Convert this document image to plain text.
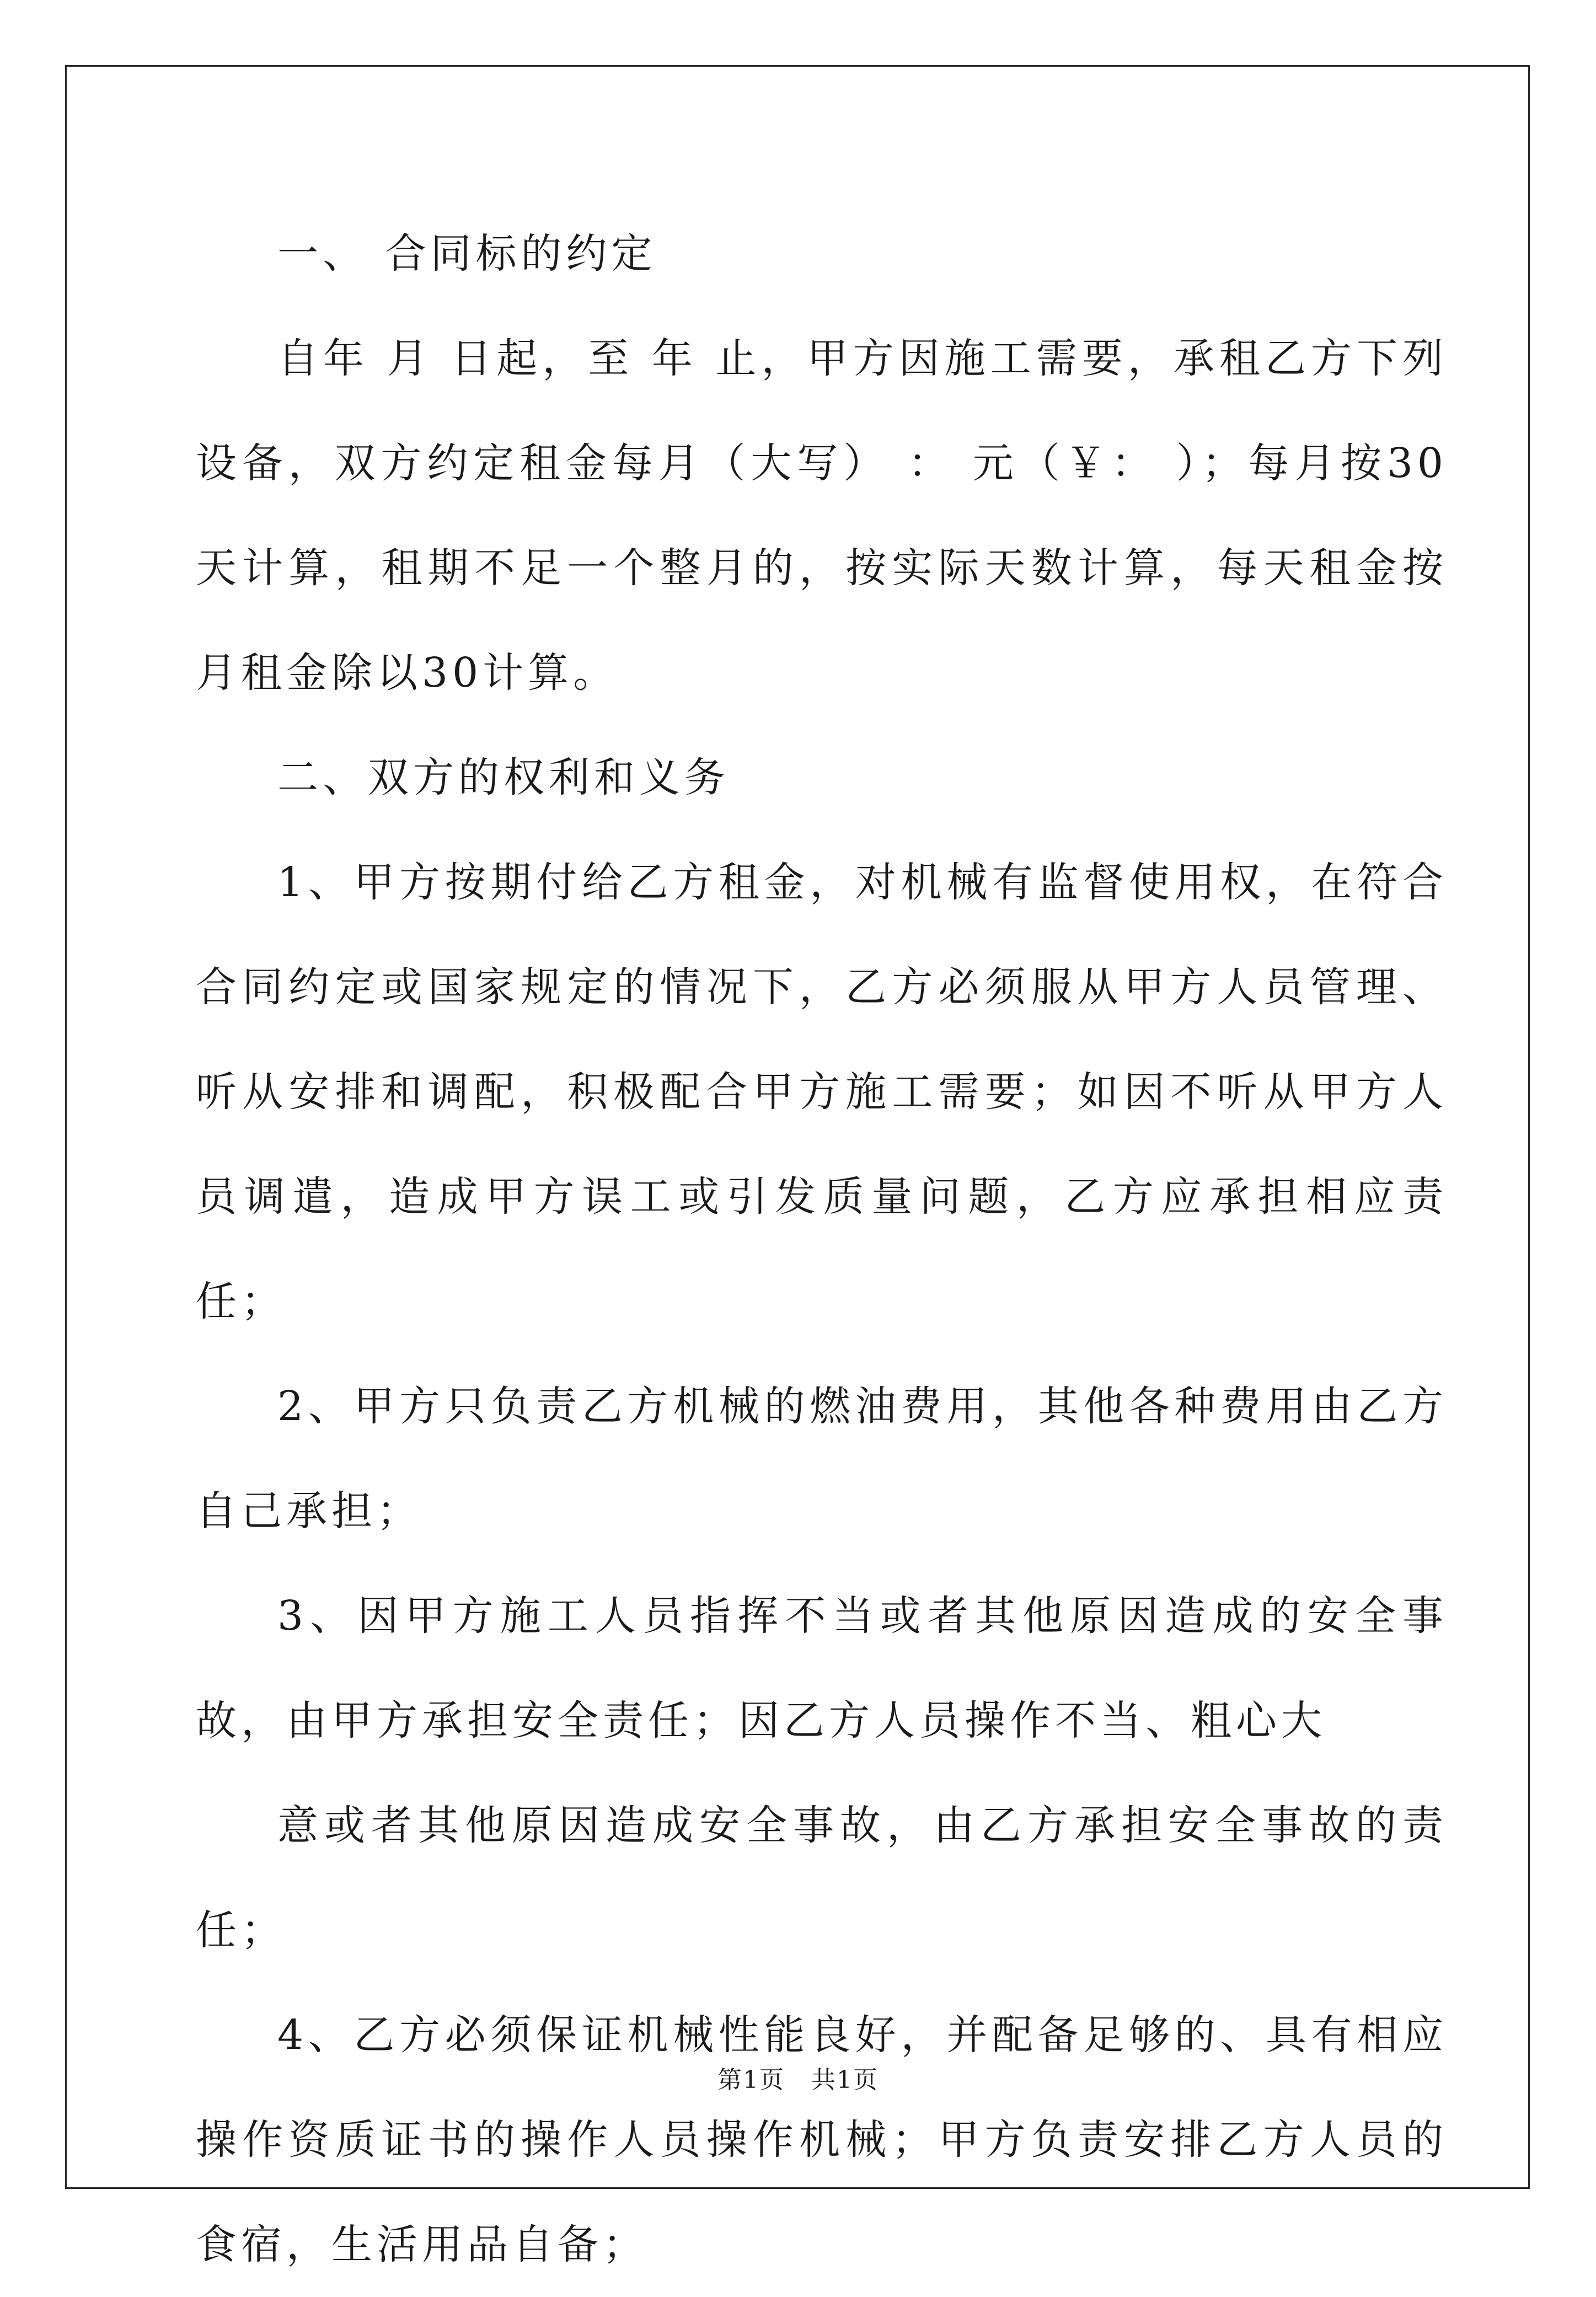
一、 合同标的约定

自年 月 日起，至 年 止，甲方因施工需要，承租乙方下列设备，双方约定租金每月（大写） ： 元（￥： ）；每月按30天计算，租期不足一个整月的，按实际天数计算，每天租金按月租金除以30计算。

二、双方的权利和义务

1、甲方按期付给乙方租金，对机械有监督使用权，在符合合同约定或国家规定的情况下，乙方必须服从甲方人员管理、听从安排和调配，积极配合甲方施工需要；如因不听从甲方人员调遣，造成甲方误工或引发质量问题，乙方应承担相应责任；

2、甲方只负责乙方机械的燃油费用，其他各种费用由乙方自己承担；

3、因甲方施工人员指挥不当或者其他原因造成的安全事故，由甲方承担安全责任；因乙方人员操作不当、粗心大

意或者其他原因造成安全事故，由乙方承担安全事故的责任；

4、乙方必须保证机械性能良好，并配备足够的、具有相应操作资质证书的操作人员操作机械；甲方负责安排乙方人员的食宿，生活用品自备；

第1页 共1页
